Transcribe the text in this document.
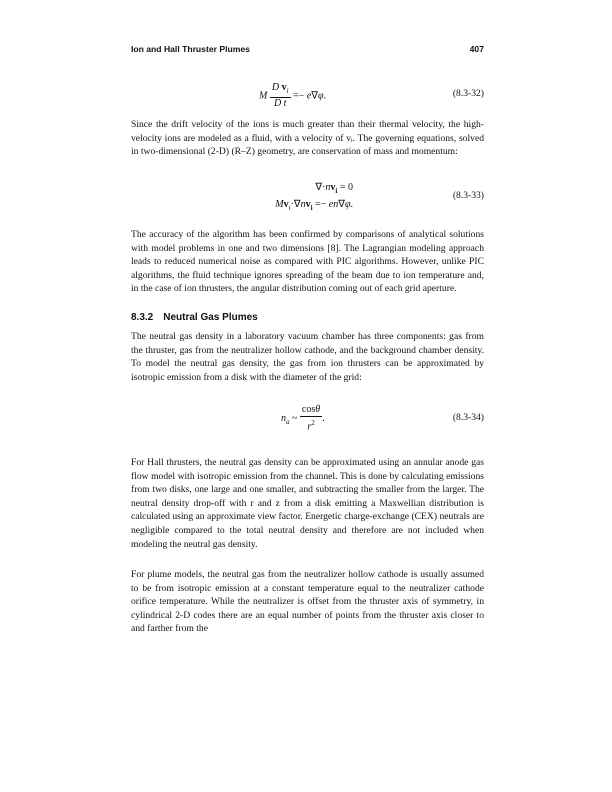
Ion and Hall Thruster Plumes	407
M $\frac{D v_i}{\text{D t}} =- e\nabla\varphi$.	(8.3-32)

Since the drift velocity of the ions is much greater than their thermal velocity, the high-velocity ions are modeled as a fluid, with a velocity of vᵢ. The governing equations, solved in two-dimensional (2-D) (R–Z) geometry, are conservation of mass and momentum:

$\nabla\cdot nv_i = 0$
$Mv_i\cdot\nabla nv_i =- en\nabla\varphi$.
(8.3-33)

The accuracy of the algorithm has been confirmed by comparisons of analytical solutions with model problems in one and two dimensions [8]. The Lagrangian modeling approach leads to reduced numerical noise as compared with PIC algorithms. However, unlike PIC algorithms, the fluid technique ignores spreading of the beam due to ion temperature and, in the case of ion thrusters, the angular distribution coming out of each grid aperture.

8.3.2 Neutral Gas Plumes

The neutral gas density in a laboratory vacuum chamber has three components: gas from the thruster, gas from the neutralizer hollow cathode, and the background chamber density. To model the neutral gas density, the gas from ion thrusters can be approximated by isotropic emission from a disk with the diameter of the grid:

$n_a$ ~ $\frac{\cos\theta}{r^2}$ .	(8.3-34)

For Hall thrusters, the neutral gas density can be approximated using an annular anode gas flow model with isotropic emission from the channel. This is done by calculating emissions from two disks, one large and one smaller, and subtracting the smaller from the larger. The neutral density drop-off with r and z from a disk emitting a Maxwellian distribution is calculated using an approximate view factor. Energetic charge-exchange (CEX) neutrals are negligible compared to the total neutral density and therefore are not included when modeling the neutral gas density.

For plume models, the neutral gas from the neutralizer hollow cathode is usually assumed to be from isotropic emission at a constant temperature equal to the neutralizer cathode orifice temperature. While the neutralizer is offset from the thruster axis of symmetry, in cylindrical 2-D codes there are an equal number of points from the thruster axis closer to and farther from the
